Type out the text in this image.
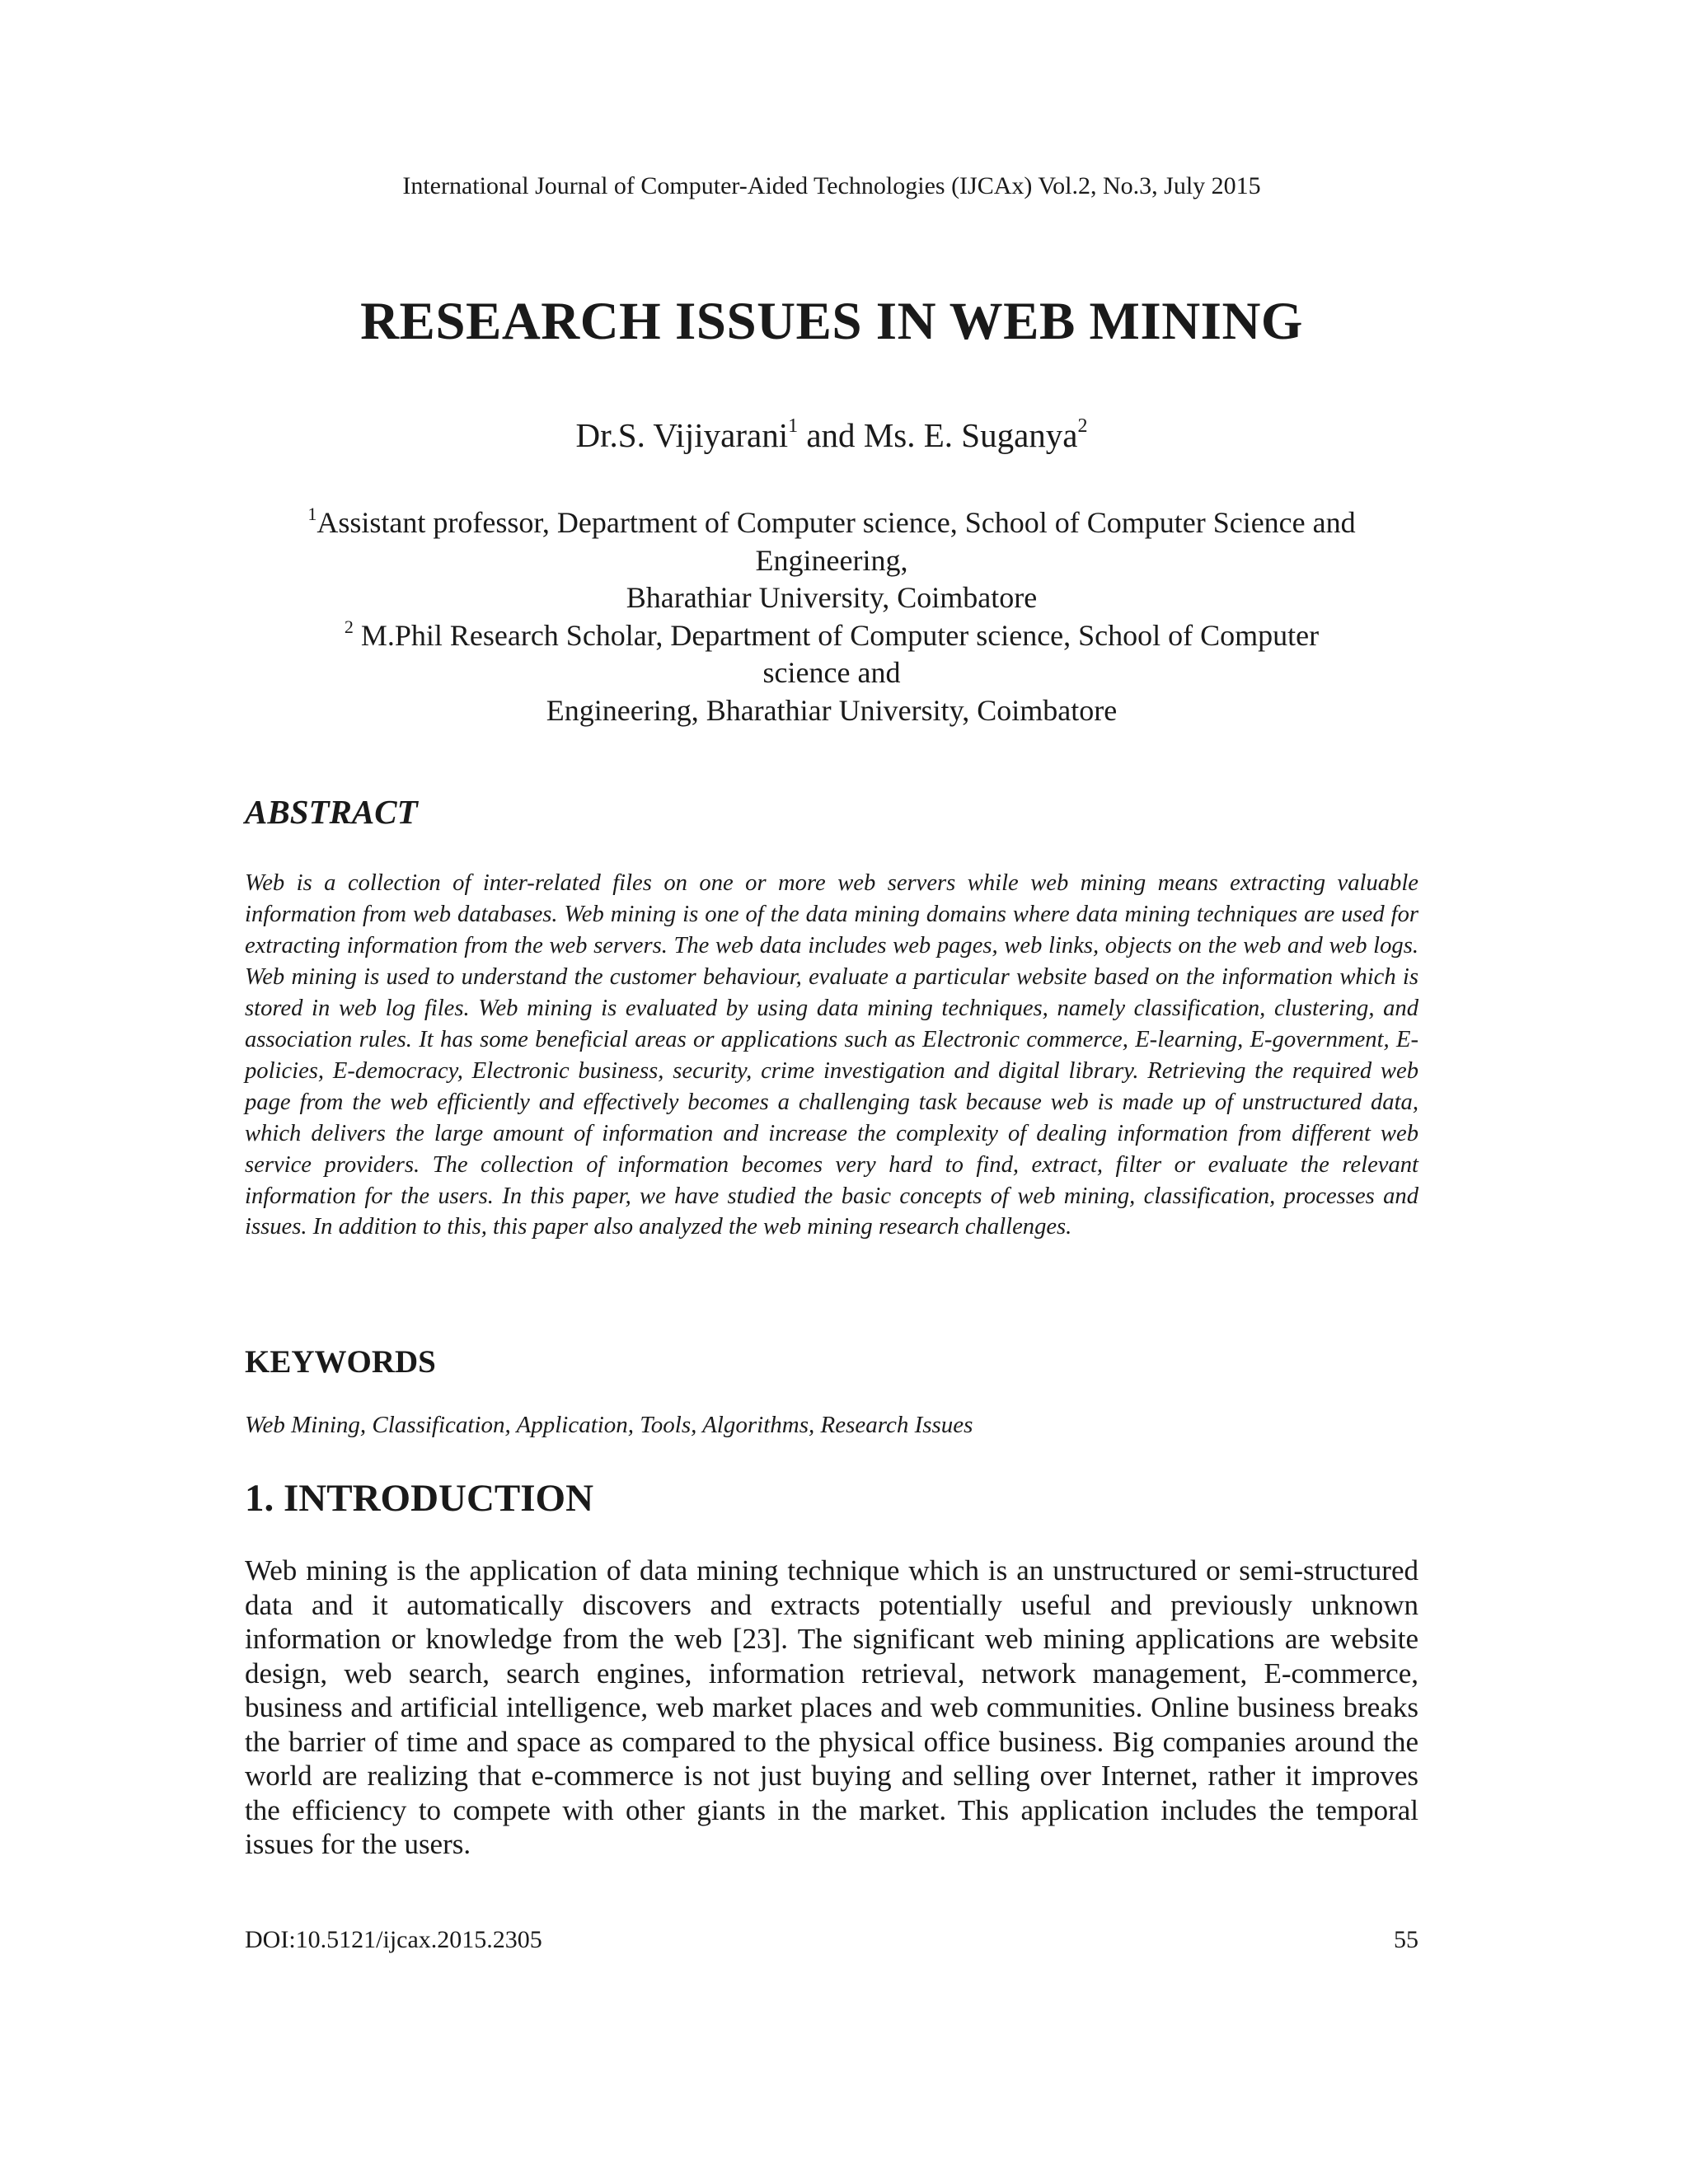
International Journal of Computer-Aided Technologies (IJCAx) Vol.2, No.3, July 2015
RESEARCH ISSUES IN WEB MINING
Dr.S. Vijiyarani$^1$ and Ms. E. Suganya$^2$
$^1$Assistant professor, Department of Computer science, School of Computer Science and
Engineering,
Bharathiar University, Coimbatore
$^2$ M.Phil Research Scholar, Department of Computer science, School of Computer
science and
Engineering, Bharathiar University, Coimbatore
ABSTRACT
Web is a collection of inter-related files on one or more web servers while web mining means extracting valuable information from web databases. Web mining is one of the data mining domains where data mining techniques are used for extracting information from the web servers. The web data includes web pages, web links, objects on the web and web logs. Web mining is used to understand the customer behaviour, evaluate a particular website based on the information which is stored in web log files. Web mining is evaluated by using data mining techniques, namely classification, clustering, and association rules. It has some beneficial areas or applications such as Electronic commerce, E-learning, E-government, E-policies, E-democracy, Electronic business, security, crime investigation and digital library. Retrieving the required web page from the web efficiently and effectively becomes a challenging task because web is made up of unstructured data, which delivers the large amount of information and increase the complexity of dealing information from different web service providers. The collection of information becomes very hard to find, extract, filter or evaluate the relevant information for the users. In this paper, we have studied the basic concepts of web mining, classification, processes and issues. In addition to this, this paper also analyzed the web mining research challenges.
KEYWORDS
Web Mining, Classification, Application, Tools, Algorithms, Research Issues
1. INTRODUCTION
Web mining is the application of data mining technique which is an unstructured or semi-structured data and it automatically discovers and extracts potentially useful and previously unknown information or knowledge from the web [23]. The significant web mining applications are website design, web search, search engines, information retrieval, network management, E-commerce, business and artificial intelligence, web market places and web communities. Online business breaks the barrier of time and space as compared to the physical office business. Big companies around the world are realizing that e-commerce is not just buying and selling over Internet, rather it improves the efficiency to compete with other giants in the market. This application includes the temporal issues for the users.
DOI:10.5121/ijcax.2015.2305	55
